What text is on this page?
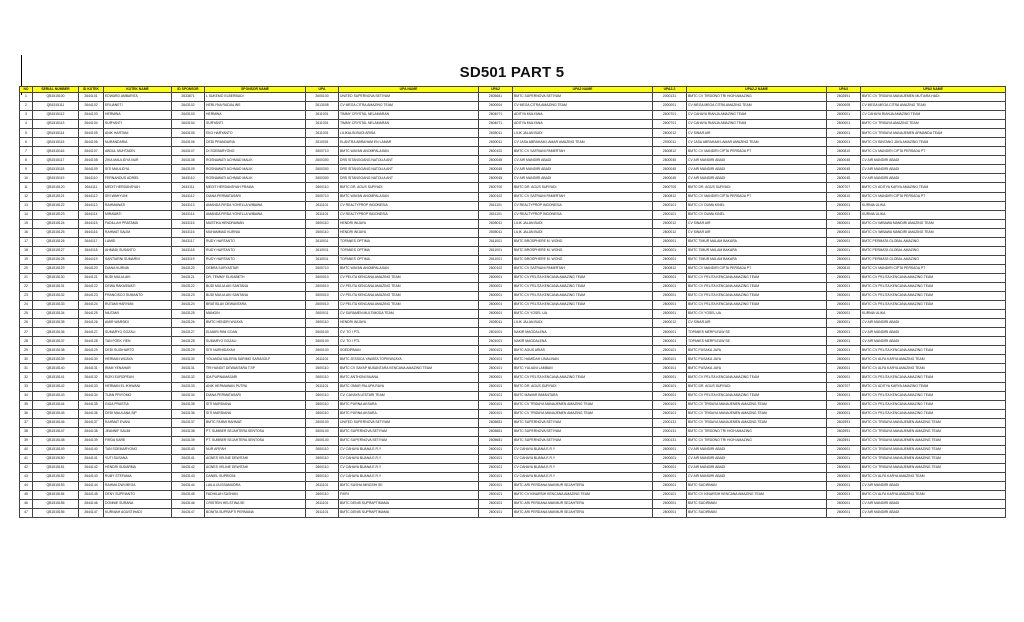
SD501 PART 5
NO	SERIAL NUMBER	ID KUTEK	KUTEK NAME	ID SPONSOR	SPONSOR NAME	UPA	UPA NAME	UPA2	UPA2 NAME	UPA2-2	UPA2-2 NAME	UPA3	UPA3 NAME
1	QB1515100	2644101	EDWARD AMBARITA	2633871	L SUKEMO ELBERBUDI	2600100	UNITED SUPERNOVA SETIYAM	2605681	BMTC SUPERNOVA SETIYAM	2000131	BMTC CV TIRDONO TRI HIGH AMAZING	2602591	BMTC CV TRIDAYA MANAJEMEN MUTIARA HADI
2	QB1515111	2644102	ERLIANETI	2643102	HERLYNA RADIALINS	2613008	CV MEGA CITRA AMAZING TEAM	2600004	CV MEGA CITRA AMAZING TEAM	2000001	CV MEGA MEGA CITRA AMAZING TEAM	2600005	CV MEGA MEGA CITRA AMAZING TEAM
3	QB1515112	2644103	HERMINA	2643103	HERMINA	2611001	TIMMY CRYSTAL NELAMARAN	2604071	ADITYA MULYANA	2600701	CV CAHAYA RIANJA AMAZING TEAM	2600001	CV CAHAYA RIANJA AMAZING TEAM
4	QB1515113	2644104	SURYANTI	2643104	SURYANTI	2611001	TIMMY CRYSTAL NELAMARAN	2604071	ADITYA MULYANA	2600701	CV CAHAYA RIANJA AMAZING TEAM	2600001	BMTC CV TRIDAYA AMAZING TEAM
5	QB1515114	2644105	ANIK HARTANI	2643105	EKO HARYANTO	2611001	LILIKALIN BUDI ARISA	2605011	LILIK JALAN BUDI	2600012	CV SINAR AIR	2600001	BMTC CV TRIDAYA MANAJEMEN ARMANDA TEAM
6	QB1515115	2644106	NURANDARIA	2643106	DEDI PRANDARIA	2610001	ELANTRA ABRAHAM EN LAMAR	2600011	CV JASA ABRAHAM LAMAR AMAZING TEAM	2000011	CV JASA ABRAHAM LAMAR AMAZING TEAM	2600001	BMTC CV BINTANG JAYA AMAZING TEAM
7	QB1515116	2644107	ABDUL MUHTADIN	2643107	DI SOEBARYONO	2600710	BMTC WAYAN ANOMPALASAN	2600102	BMTC CV SATRIANI PAMERTAH	2600812	BMTC CV MANDIRI CIPTA PERSADA PT	2600810	BMTC CV MANDIRI CIPTA PERSADA PT
8	QB1515117	2644108	ZIKA MAULIDYA NUR	2643108	ROSNAWATI ACHMAD MALIK	2600300	DRS SITANGGANG NATOLIA ANT	2600045	CV AIR MANDIRI ABADI	2600045	CV AIR MANDIRI ABADI	2600045	CV AIR MANDIRI ABADI
9	QB1515118	2644109	SITI MAULIDYA	2643109	ROSNAWATI ACHMAD MALIK	2600300	DRS SITANGGANG NATOLIA ANT	2600045	CV AIR MANDIRI ABADI	2600045	CV AIR MANDIRI ABADI	2600045	CV AIR MANDIRI ABADI
10	QB1515119	2644110	FERNANDUS ADRIEL	2643110	ROSNAWATI ACHMAD MALIK	2600300	DRS SITANGGANG NATOLIA ANT	2600045	CV AIR MANDIRI ABADI	2600045	CV AIR MANDIRI ABADI	2600045	CV AIR MANDIRI ABADI
11	QB1515120	2644111	MEDIT HERDANSYAH	2643111	MEDIT HERDANSYAH PRAMA	2600110	BMTC DR. AGUS SURYADI	2600700	BMTC DR. AGUS SURYADI	2600700	BMTC DR. AGUS SURYADI	2600707	BMTC CV ADITYA KARYA AMAZING TEAM
12	QB1515121	2644112	SRI WAHYUNI	2643112	DIANA PERMATASARI	2600710	BMTC WAYAN ANOMPALASAN	2600102	BMTC CV SATRIANI PAMERTAH	2600812	BMTC CV MANDIRI CIPTA PERSADA PT	2600810	BMTC CV MANDIRI CIPTA PERSADA PT
13	QB1515122	2644113	RAHMAWATI	2643113	AMANDA FIRDA YOHELLA WIBAWA	2611101	CV REALTYPROP INDONESIA	2611101	CV REALTYPROP INDONESIA	2600101	BMTC CV DUMA KINEL	2600001	KURNIA ULIKA
14	QB1515123	2644114	MIRAWATI	2643114	AMANDA FIRDA YOHELLA WIBAWA	2611101	CV REALTYPROP INDONESIA	2611101	CV REALTYPROP INDONESIA	2600101	BMTC CV DUMA KINEL	2600001	KURNIA ULIKA
15	QB1515124	2644115	FADILLAH PRATAMA	2643115	MUSTIKA HENDRAWAN	2600110	HENDRI WIJAYA	2605011	LILIK JALAN BUDI	2600012	CV SINAR AIR	2600001	BMTC CV WIBAWA MANDIRI AMAZING TEAM
16	QB1515125	2644116	RAHMAT SALIM	2643116	MUHAMMAD KURNIA	2600110	HENDRI WIJAYA	2605011	LILIK JALAN BUDI	2600012	CV SINAR AIR	2600001	BMTC CV WIBAWA MANDIRI AMAZING TEAM
17	QB1515126	2644117	LAMID	2643117	RUDY HARTANTO	2610011	TOPANES OPTIMA	2611001	BMTC BROSPHERE M. WONG	2600001	BMTC TIMUR MALAM BAKARA	2600001	BMTC PERMATA GLOBAL AMAZING
18	QB1515127	2644118	AHMADI SUSANTO	2643118	RUDY HARTANTO	2610011	TOPANES OPTIMA	2611001	BMTC BROSPHERE M. WONG	2600001	BMTC TIMUR MALAM BAKARA	2600001	BMTC PERMATA GLOBAL AMAZING
19	QB1515128	2644119	SANTIARNI SUMARNI	2643119	RUDY HARTANTO	2610011	TOPANES OPTIMA	2611001	BMTC BROSPHERE M. WONG	2600001	BMTC TIMUR MALAM BAKARA	2600001	BMTC PERMATA GLOBAL AMAZING
20	QB1515129	2644120	DIANA KURNIA	2643120	DEBRA SURYASTAR	2600710	BMTC WAYAN ANOMPALASAN	2600102	BMTC CV SATRIANI PAMERTAH	2600812	BMTC CV MANDIRI CIPTA PERSADA PT	2600810	BMTC CV MANDIRI CIPTA PERSADA PT
21	QB1515130	2644121	BUDI MULIA AKI	2643121	DR. TEMMY ELISABETH	2600010	CV PELITA KENCANA AMAZING TEAM	2600001	BMTC CV PELITA KENCANA AMAZING TEAM	2600001	BMTC CV PELITA KENCANA AMAZING TEAM	2600001	BMTC CV PELITA KENCANA AMAZING TEAM
22	QB1515131	2644122	DEWA RAKASWATI	2643122	BUDI MULIA AKI SANTANA	2600010	CV PELITA KENCANA AMAZING TEAM	2600001	BMTC CV PELITA KENCANA AMAZING TEAM	2600001	BMTC CV PELITA KENCANA AMAZING TEAM	2600001	BMTC CV PELITA KENCANA AMAZING TEAM
23	QB1515132	2644123	FRANCISCO SUMANTO	2643123	BUDI MULIA AKI SANTANA	2600010	CV PELITA KENCANA AMAZING TEAM	2600001	BMTC CV PELITA KENCANA AMAZING TEAM	2600001	BMTC CV PELITA KENCANA AMAZING TEAM	2600001	BMTC CV PELITA KENCANA AMAZING TEAM
24	QB1515133	2644124	RUTAMI HARYANI	2643124	BRATISLAV DEWANTARA	2600010	CV PELITA KENCANA AMAZING TEAM	2600001	BMTC CV PELITA KENCANA AMAZING TEAM	2600001	BMTC CV PELITA KENCANA AMAZING TEAM	2600001	BMTC CV PELITA KENCANA AMAZING TEAM
25	QB1515134	2644125	NIUTAMI	2643125	MANGIN	2600011	CV SURAMEN MULTIMODA TEAM	2600001	BMTC CV YOSEL UA	2600001	BMTC CV YOSEL UA	2600001	KURNIA ULIKA
26	QB1515135	2644126	AMIR WARSIDI	2643126	BMTC HENDRI WIJAYA	2600110	HENDRI WIJAYA	2605011	LILIK JALAN BUDI	2600012	CV SINAR AIR	2600001	CV AIR MANDIRI ABADI
27	QB1515136	2644127	SUMARYO GOZALI	2643127	ELMARI RINI GOAN	2600100	CV. TO I PTL	2601001	NAKIR MAGDALENA	2600001	TOPANES MERPLEUW SE	2600001	CV AIR MANDIRI ABADI
28	QB1515137	2644128	TAN FOEK YIEN	2643128	SUMARYO GOZALI	2600100	CV. TO I PTL	2601001	NAKIR MAGDALENA	2600001	TOPANES MERPLEUW SE	2600001	CV AIR MANDIRI ABADI
29	QB1515138	2644129	DEDI SUGIHARTO	2643129	SITI NURHIDAYAH	2600100	SOEDIRMAN	2600101	BMTC AGUS ARIAS	2600101	BMTC PUSAKA JAYA	2600001	BMTC CV PELITA KENCANA AMAZING TEAM
30	QB1515139	2644130	HERMAN WIJAYA	2643130	YOLANDA VALERIA SARIMO SARASOLF	2611101	BMTC JESSICA YAWATA TOPIKWIJAYA	2600101	BMTC HAMIDAH LINALINAN	2600101	BMTC PUSAKA JAYA	2600001	BMTC CV ALFA KARYA AMAZING TEAM
31	QB1515140	2644131	IRAM YENAHAR	2643131	TRI HANDIT DEWANTARA T.SP	2600110	BMTC CV SAYAP NUSANTARA KENCANA AMAZING TEAM	2600101	BMTC YULIANI LAMBAN	2600101	BMTC PUSAKA JAYA	2600001	BMTC CV ALFA KARYA AMAZING TEAM
32	QB1515141	2644132	RIZKI EUROPEAN	2643132	IDA PURNAMASARI	2600110	BMTC ANTHONI BUANA	2600001	BMTC CV PELITA KENCANA AMAZING TEAM	2600001	BMTC CV PELITA KENCANA AMAZING TEAM	2600001	BMTC CV PELITA KENCANA AMAZING TEAM
33	QB1515142	2644133	HERMAN EL IKHWANI	2643133	ANIK HERMAWAN PUTRA	2611101	BMTC OMAR PALUPA RAYA	2600101	BMTC DR. AGUS SURYADI	2600101	BMTC DR. AGUS SURYADI	2600707	BMTC CV ADITYA KARYA AMAZING TEAM
34	QB1515143	2644134	TUAN PRIYOMO	2643134	DIANA PERMATASARI	2600110	CV. CAHAYA LESTARI TEAM	2600101	BMTC MAWAR BIMANTARA	2600001	BMTC CV PELITA KENCANA AMAZING TEAM	2600001	BMTC CV PELITA KENCANA AMAZING TEAM
35	QB1515144	2644135	GIGA PRASTIA	2643135	SITI MARDIANA	2600110	BMTC PURNA AKSARA	2600101	BMTC CV TRIDAYA MANAJEMEN AMAZING TEAM	2600101	BMTC CV TRIDAYA MANAJEMEN AMAZING TEAM	2600001	BMTC CV PELITA KENCANA AMAZING TEAM
36	QB1515145	2644136	DEDI MAULANA SIP	2643136	SITI MARDIANA	2600110	BMTC PURNA AKSARA	2600101	BMTC CV TRIDAYA MANAJEMEN AMAZING TEAM	2600101	BMTC CV TRIDAYA MANAJEMEN AMAZING TEAM	2600001	BMTC CV PELITA KENCANA AMAZING TEAM
37	QB1515146	2644137	RAHMAT EVANI	2643137	BMTC FAHMI RAHMAT	2600100	UNITED SUPERNOVA SETIYAM	2605681	BMTC SUPERNOVA SETIYAM	2000131	BMTC CV TRIDAYA MANAJEMEN AMAZING TEAM	2602591	BMTC CV TRIDAYA MANAJEMEN AMAZING TEAM
38	QB1515147	2644138	JEANNIF SALIM	2643138	PT. SUMBER SEJAHTERA SENTOSA	2600100	BMTC SUPERNOVA SETIYAM	2605681	BMTC SUPERNOVA SETIYAM	2000131	BMTC CV TIRDONO TRI HIGH AMAZING	2602591	BMTC CV TRIDAYA MANAJEMEN AMAZING TEAM
39	QB1515148	2644139	FIRDA SARE	2643139	PT. SUMBER SEJAHTERA SENTOSA	2600100	BMTC SUPERNOVA SETIYAM	2605681	BMTC SUPERNOVA SETIYAM	2000131	BMTC CV TIRDONO TRI HIGH AMAZING	2602591	BMTC CV TRIDAYA MANAJEMEN AMAZING TEAM
40	QB1515149	2644140	TAN SOEMARYONO	2643140	NUR AFIFAH	2600110	CV CAHAYA BUANA E.R.Y	2600101	CV CAHAYA BUANA E.R.Y	2600001	CV AIR MANDIRI ABADI	2600001	BMTC CV TRIDAYA MANAJEMEN AMAZING TEAM
41	QB1515150	2644141	YUTI SUSANA	2643141	AGNES VELINE DEWITAHI	2600110	CV CAHAYA BUANA E.R.Y	2600101	CV CAHAYA BUANA E.R.Y	2600001	CV AIR MANDIRI ABADI	2600001	BMTC CV TRIDAYA MANAJEMEN AMAZING TEAM
42	QB1515151	2644142	HENDRI SUDARMA	2643142	AGNES VELINE DEWITAHI	2600110	CV CAHAYA BUANA E.R.Y	2600101	CV CAHAYA BUANA E.R.Y	2600001	CV AIR MANDIRI ABADI	2600001	BMTC CV TRIDAYA MANAJEMEN AMAZING TEAM
43	QB1515152	2644143	RUBY STEFANIA	2643143	DANIEL SUPRIONI	2600110	CV CAHAYA BUANA E.R.Y	2600101	CV CAHAYA BUANA E.R.Y	2600001	CV AIR MANDIRI ABADI	2600001	BMTC CV ALFA KARYA AMAZING TEAM
44	QB1515153	2644144	RAHMA DWI MEGA	2643144	LAILA ULISSAMUDRA	2611101	BMTC SUSHA NINGSIH SE	2600101	BMTC ARI PERDANA MAKMUR SEJAHTERA	2600001	BMTC SUDIRMAN	2600001	CV AIR MANDIRI ABADI
45	QB1515154	2644145	DENY SUPRIANTO	2643145	FADHILAH SUSHAN	2600110	FIKRI	2600101	BMTC CV KINARSIH KENCANA AMAZING TEAM	2600101	BMTC CV KINARSIH KENCANA AMAZING TEAM	2600001	BMTC CV ALFA KARYA AMAZING TEAM
46	QB1515155	2644146	DONNIE SURANA	2643146	CRISTEIN HELSTINA SE	2611101	BMTC DENIS SUPRAPTIMAMA	2600101	BMTC ARI PERDANA MAKMUR SEJAHTERA	2600001	BMTC SUDIRMAN	2600001	CV AIR MANDIRI ABADI
47	QB1515156	2644147	KURNIAH AGUSTIHADI	2643147	BONITA SUPRAPTI PERMANA	2611101	BMTC DENIS SUPRAPTIMAMA	2600101	BMTC ARI PERDANA MAKMUR SEJAHTERA	2600001	BMTC SUDIRMAN	2600001	CV AIR MANDIRI ABADI
